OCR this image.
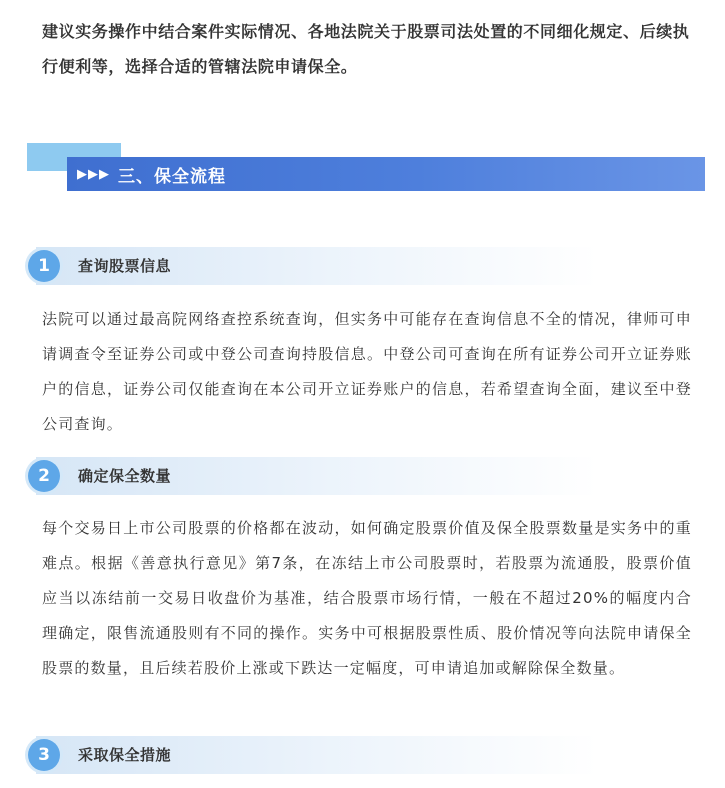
建议实务操作中结合案件实际情况、各地法院关于股票司法处置的不同细化规定、后续执行便利等，选择合适的管辖法院申请保全。
▶▶▶ 三、保全流程
1	查询股票信息
法院可以通过最高院网络查控系统查询，但实务中可能存在查询信息不全的情况，律师可申请调查令至证券公司或中登公司查询持股信息。中登公司可查询在所有证券公司开立证券账户的信息，证券公司仅能查询在本公司开立证券账户的信息，若希望查询全面，建议至中登公司查询。
2	确定保全数量
每个交易日上市公司股票的价格都在波动，如何确定股票价值及保全股票数量是实务中的重难点。根据《善意执行意见》第7条，在冻结上市公司股票时，若股票为流通股，股票价值应当以冻结前一交易日收盘价为基准，结合股票市场行情，一般在不超过20%的幅度内合理确定，限售流通股则有不同的操作。实务中可根据股票性质、股价情况等向法院申请保全股票的数量，且后续若股价上涨或下跌达一定幅度，可申请追加或解除保全数量。
3	采取保全措施
